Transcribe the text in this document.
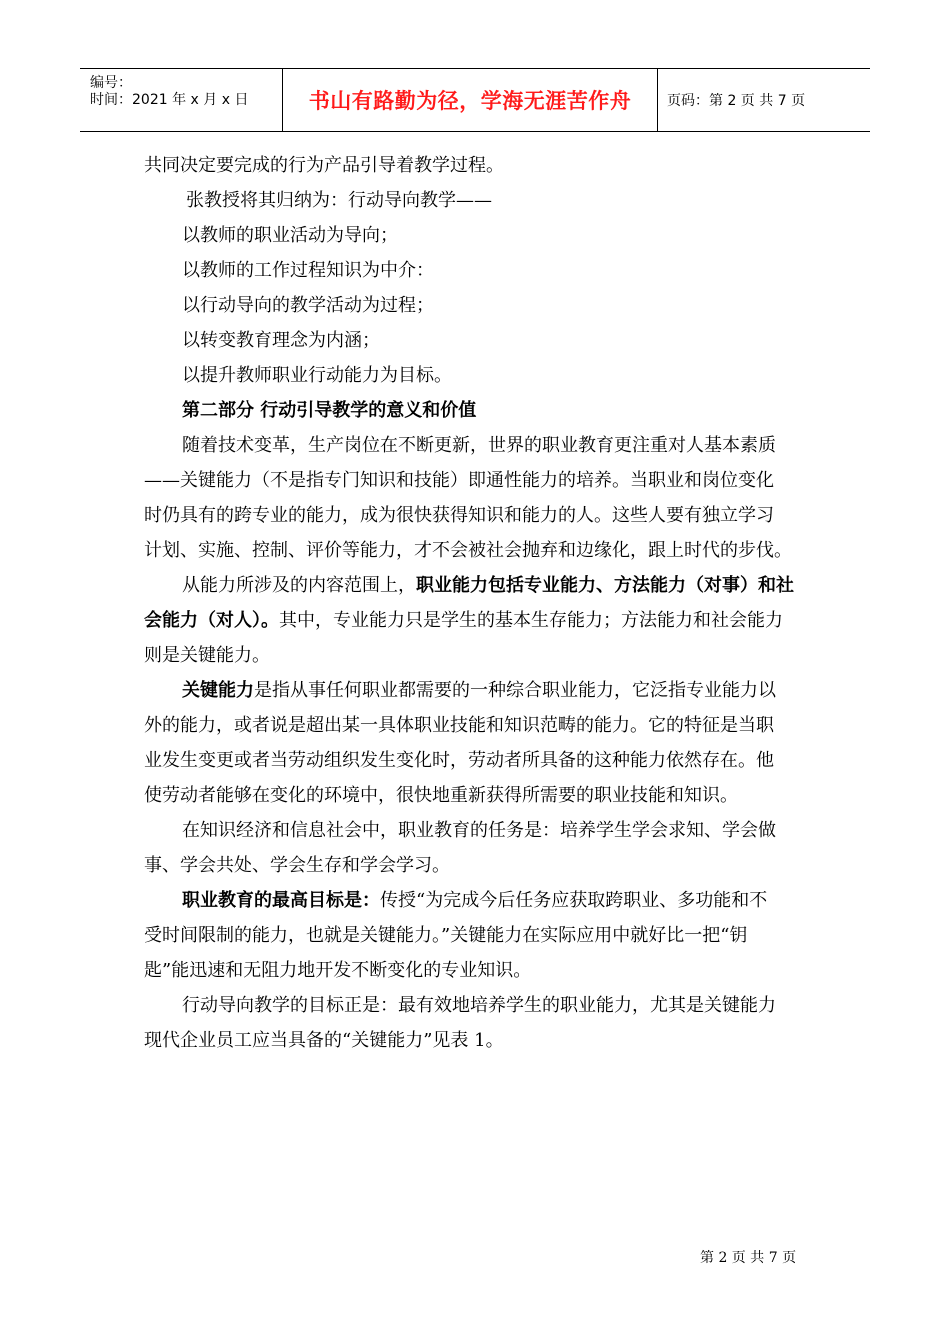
编号：
时间：2021 年 x 月 x 日	书山有路勤为径，学海无涯苦作舟	页码：第 2 页 共 7 页

共同决定要完成的行为产品引导着教学过程。

张教授将其归纳为：行动导向教学——

以教师的职业活动为导向；

以教师的工作过程知识为中介：

以行动导向的教学活动为过程；

以转变教育理念为内涵；

以提升教师职业行动能力为目标。

第二部分 行动引导教学的意义和价值

随着技术变革，生产岗位在不断更新，世界的职业教育更注重对人基本素质

——关键能力（不是指专门知识和技能）即通性能力的培养。当职业和岗位变化

时仍具有的跨专业的能力，成为很快获得知识和能力的人。这些人要有独立学习

计划、实施、控制、评价等能力，才不会被社会抛弃和边缘化，跟上时代的步伐。

从能力所涉及的内容范围上，职业能力包括专业能力、方法能力（对事）和社

会能力（对人）。其中，专业能力只是学生的基本生存能力；方法能力和社会能力

则是关键能力。

关键能力是指从事任何职业都需要的一种综合职业能力，它泛指专业能力以

外的能力，或者说是超出某一具体职业技能和知识范畴的能力。它的特征是当职

业发生变更或者当劳动组织发生变化时，劳动者所具备的这种能力依然存在。他

使劳动者能够在变化的环境中，很快地重新获得所需要的职业技能和知识。

在知识经济和信息社会中，职业教育的任务是：培养学生学会求知、学会做

事、学会共处、学会生存和学会学习。

职业教育的最高目标是：传授“为完成今后任务应获取跨职业、多功能和不

受时间限制的能力，也就是关键能力。”关键能力在实际应用中就好比一把“钥

匙”能迅速和无阻力地开发不断变化的专业知识。

行动导向教学的目标正是：最有效地培养学生的职业能力，尤其是关键能力

现代企业员工应当具备的“关键能力”见表 1。

第 2 页 共 7 页
